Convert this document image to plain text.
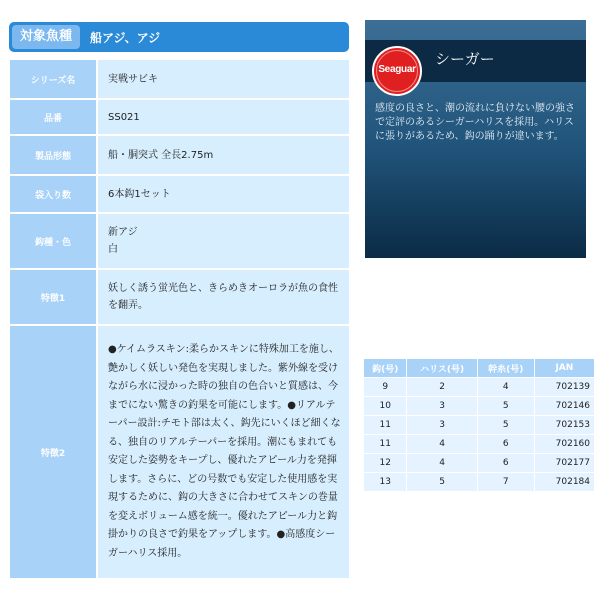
対象魚種	船アジ、アジ
シリーズ名	実戦サビキ
品番	SS021
製品形態	船・胴突式 全長2.75m
袋入り数	6本鈎1セット
鈎種・色	新アジ
白

特徴1	妖しく誘う蛍光色と、きらめきオーロラが魚の食性を翻弄。
特徴2	●ケイムラスキン:柔らかスキンに特殊加工を施し、艶かしく妖しい発色を実現しました。紫外線を受けながら水に浸かった時の独自の色合いと質感は、今までにない驚きの釣果を可能にします。●リアルテーパー設計:チモト部は太く、鈎先にいくほど細くなる、独自のリアルテーパーを採用。潮にもまれても安定した姿勢をキープし、優れたアピール力を発揮します。さらに、どの号数でも安定した使用感を実現するために、鈎の大きさに合わせてスキンの巻量を変えボリューム感を統一。優れたアピール力と鈎掛かりの良さで釣果をアップします。●高感度シーガーハリス採用。
Seaguar
シーガー
感度の良さと、潮の流れに負けない腰の強さで定評のあるシーガーハリスを採用。ハリスに張りがあるため、鈎の踊りが違います。
鈎(号)	ハリス(号)	幹糸(号)	JAN
9	2	4	702139
10	3	5	702146
11	3	5	702153
11	4	6	702160
12	4	6	702177
13	5	7	702184
